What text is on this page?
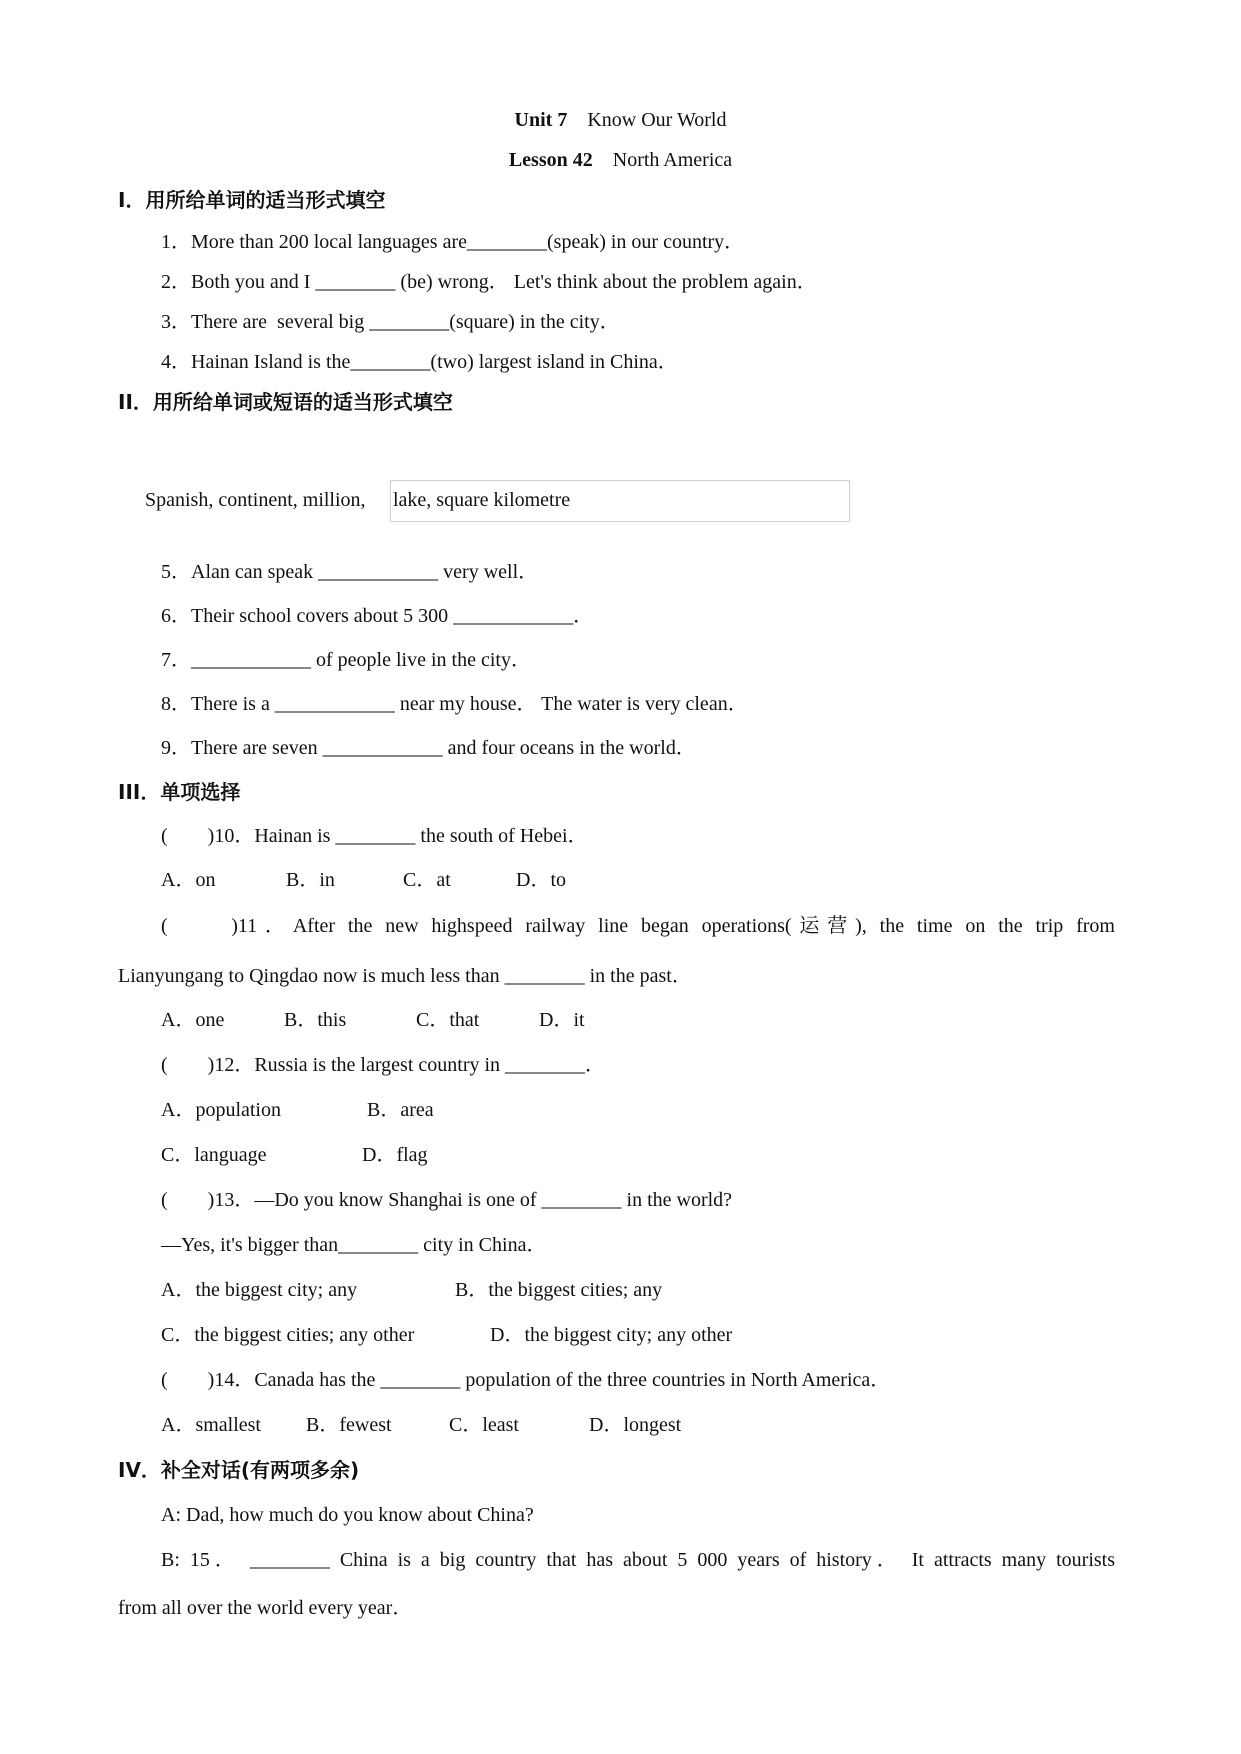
Unit 7 Know Our World
Lesson 42 North America
I．用所给单词的适当形式填空
1．More than 200 local languages are________(speak) in our country．
2．Both you and I ________ (be) wrong． Let's think about the problem again．
3．There are  several big ________(square) in the city．
4．Hainan Island is the________(two) largest island in China．
II．用所给单词或短语的适当形式填空
Spanish, continent, million, lake, square kilometre
5．Alan can speak ____________ very well．
6．Their school covers about 5 300 ____________．
7．____________ of people live in the city．
8．There is a ____________ near my house． The water is very clean．
9．There are seven ____________ and four oceans in the world．
III．单项选择
(　　)10．Hainan is ________ the south of Hebei．
A．on	B．in	C．at	D．to
(　　)11．After the new highspeed railway line began operations(运营), the time on the trip from
Lianyungang to Qingdao now is much less than ________ in the past．
A．one	B．this	C．that	D．it
(　　)12．Russia is the largest country in ________．
A．population	B．area
C．language	D．flag
(　　)13．—Do you know Shanghai is one of ________ in the world?
—Yes, it's bigger than________ city in China．
A．the biggest city; any	B．the biggest cities; any
C．the biggest cities; any other	D．the biggest city; any other
(　　)14．Canada has the ________ population of the three countries in North America．
A．smallest B．fewest	C．least	D．longest
IV．补全对话(有两项多余)
A: Dad, how much do you know about China?
B: 15． ________ China is a big country that has about 5 000 years of history． It attracts many tourists
from all over the world every year．
